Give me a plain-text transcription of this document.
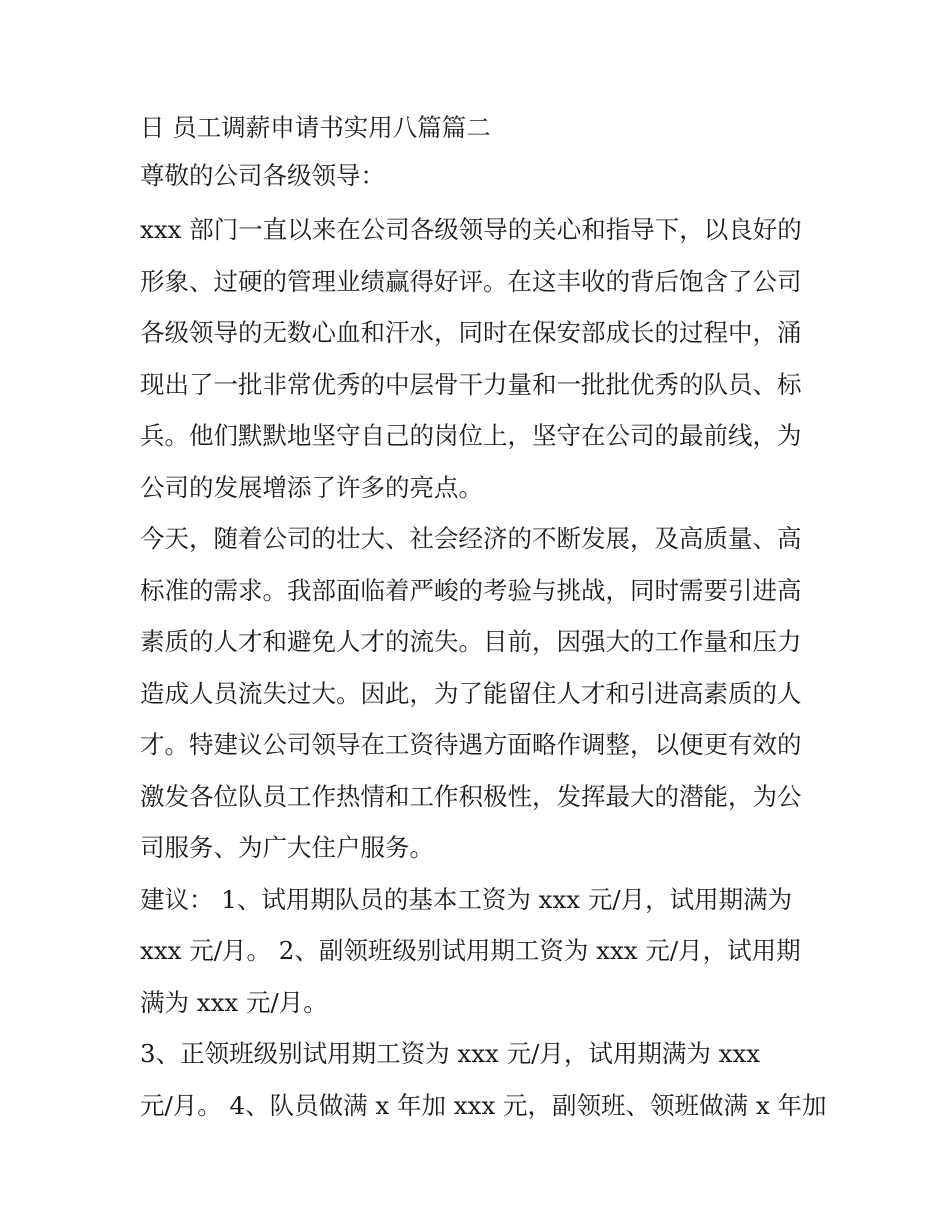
日 员工调薪申请书实用八篇篇二

尊敬的公司各级领导：

xxx 部门一直以来在公司各级领导的关心和指导下，以良好的
形象、过硬的管理业绩赢得好评。在这丰收的背后饱含了公司
各级领导的无数心血和汗水，同时在保安部成长的过程中，涌
现出了一批非常优秀的中层骨干力量和一批批优秀的队员、标
兵。他们默默地坚守自己的岗位上，坚守在公司的最前线，为
公司的发展增添了许多的亮点。
今天，随着公司的壮大、社会经济的不断发展，及高质量、高
标准的需求。我部面临着严峻的考验与挑战，同时需要引进高
素质的人才和避免人才的流失。目前，因强大的工作量和压力
造成人员流失过大。因此，为了能留住人才和引进高素质的人
才。特建议公司领导在工资待遇方面略作调整，以便更有效的
激发各位队员工作热情和工作积极性，发挥最大的潜能，为公
司服务、为广大住户服务。
建议： 1、试用期队员的基本工资为 xxx 元/月，试用期满为
xxx 元/月。 2、副领班级别试用期工资为 xxx 元/月，试用期
满为 xxx 元/月。
3、正领班级别试用期工资为 xxx 元/月，试用期满为 xxx
元/月。 4、队员做满 x 年加 xxx 元，副领班、领班做满 x 年加
